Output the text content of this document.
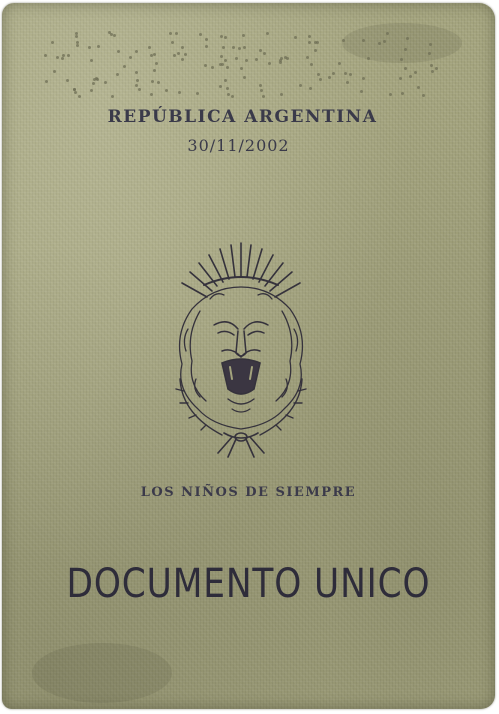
REPÚBLICA ARGENTINA
30/11/2002
LOS NIÑOS DE SIEMPRE
DOCUMENTO UNICO
